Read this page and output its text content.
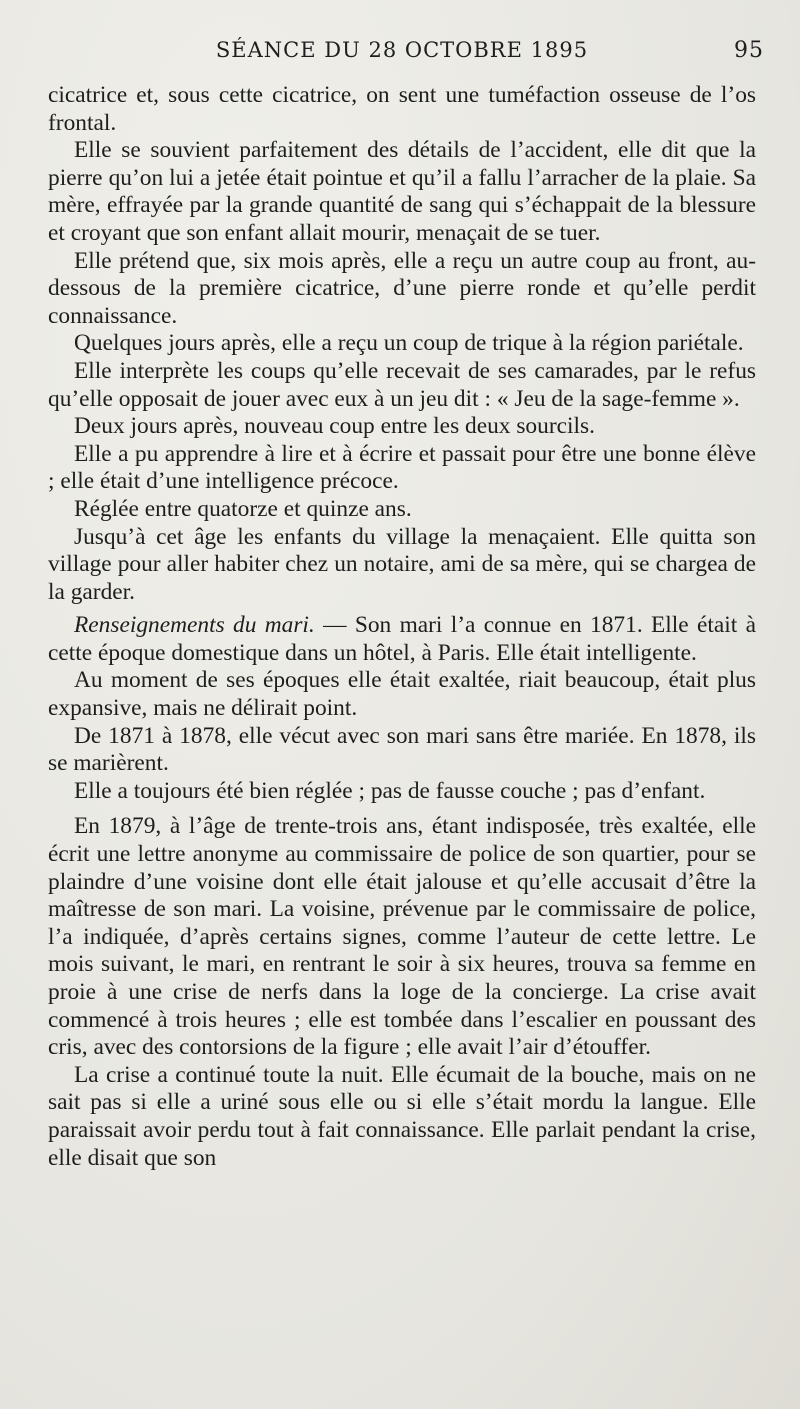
SÉANCE DU 28 OCTOBRE 1895	95

cicatrice et, sous cette cicatrice, on sent une tuméfaction osseuse de l’os frontal.

Elle se souvient parfaitement des détails de l’accident, elle dit que la pierre qu’on lui a jetée était pointue et qu’il a fallu l’arracher de la plaie. Sa mère, effrayée par la grande quantité de sang qui s’échappait de la blessure et croyant que son enfant allait mourir, menaçait de se tuer.

Elle prétend que, six mois après, elle a reçu un autre coup au front, au-dessous de la première cicatrice, d’une pierre ronde et qu’elle perdit connaissance.

Quelques jours après, elle a reçu un coup de trique à la région pariétale.

Elle interprète les coups qu’elle recevait de ses camarades, par le refus qu’elle opposait de jouer avec eux à un jeu dit : « Jeu de la sage-femme ».

Deux jours après, nouveau coup entre les deux sourcils.

Elle a pu apprendre à lire et à écrire et passait pour être une bonne élève ; elle était d’une intelligence précoce.

Réglée entre quatorze et quinze ans.

Jusqu’à cet âge les enfants du village la menaçaient. Elle quitta son village pour aller habiter chez un notaire, ami de sa mère, qui se chargea de la garder.

Renseignements du mari. — Son mari l’a connue en 1871. Elle était à cette époque domestique dans un hôtel, à Paris. Elle était intelligente.

Au moment de ses époques elle était exaltée, riait beaucoup, était plus expansive, mais ne délirait point.

De 1871 à 1878, elle vécut avec son mari sans être mariée. En 1878, ils se marièrent.

Elle a toujours été bien réglée ; pas de fausse couche ; pas d’enfant.

En 1879, à l’âge de trente-trois ans, étant indisposée, très exaltée, elle écrit une lettre anonyme au commissaire de police de son quartier, pour se plaindre d’une voisine dont elle était jalouse et qu’elle accusait d’être la maîtresse de son mari. La voisine, prévenue par le commissaire de police, l’a indiquée, d’après certains signes, comme l’auteur de cette lettre. Le mois suivant, le mari, en rentrant le soir à six heures, trouva sa femme en proie à une crise de nerfs dans la loge de la concierge. La crise avait commencé à trois heures ; elle est tombée dans l’escalier en poussant des cris, avec des contorsions de la figure ; elle avait l’air d’étouffer.

La crise a continué toute la nuit. Elle écumait de la bouche, mais on ne sait pas si elle a uriné sous elle ou si elle s’était mordu la langue. Elle paraissait avoir perdu tout à fait connaissance. Elle parlait pendant la crise, elle disait que son
